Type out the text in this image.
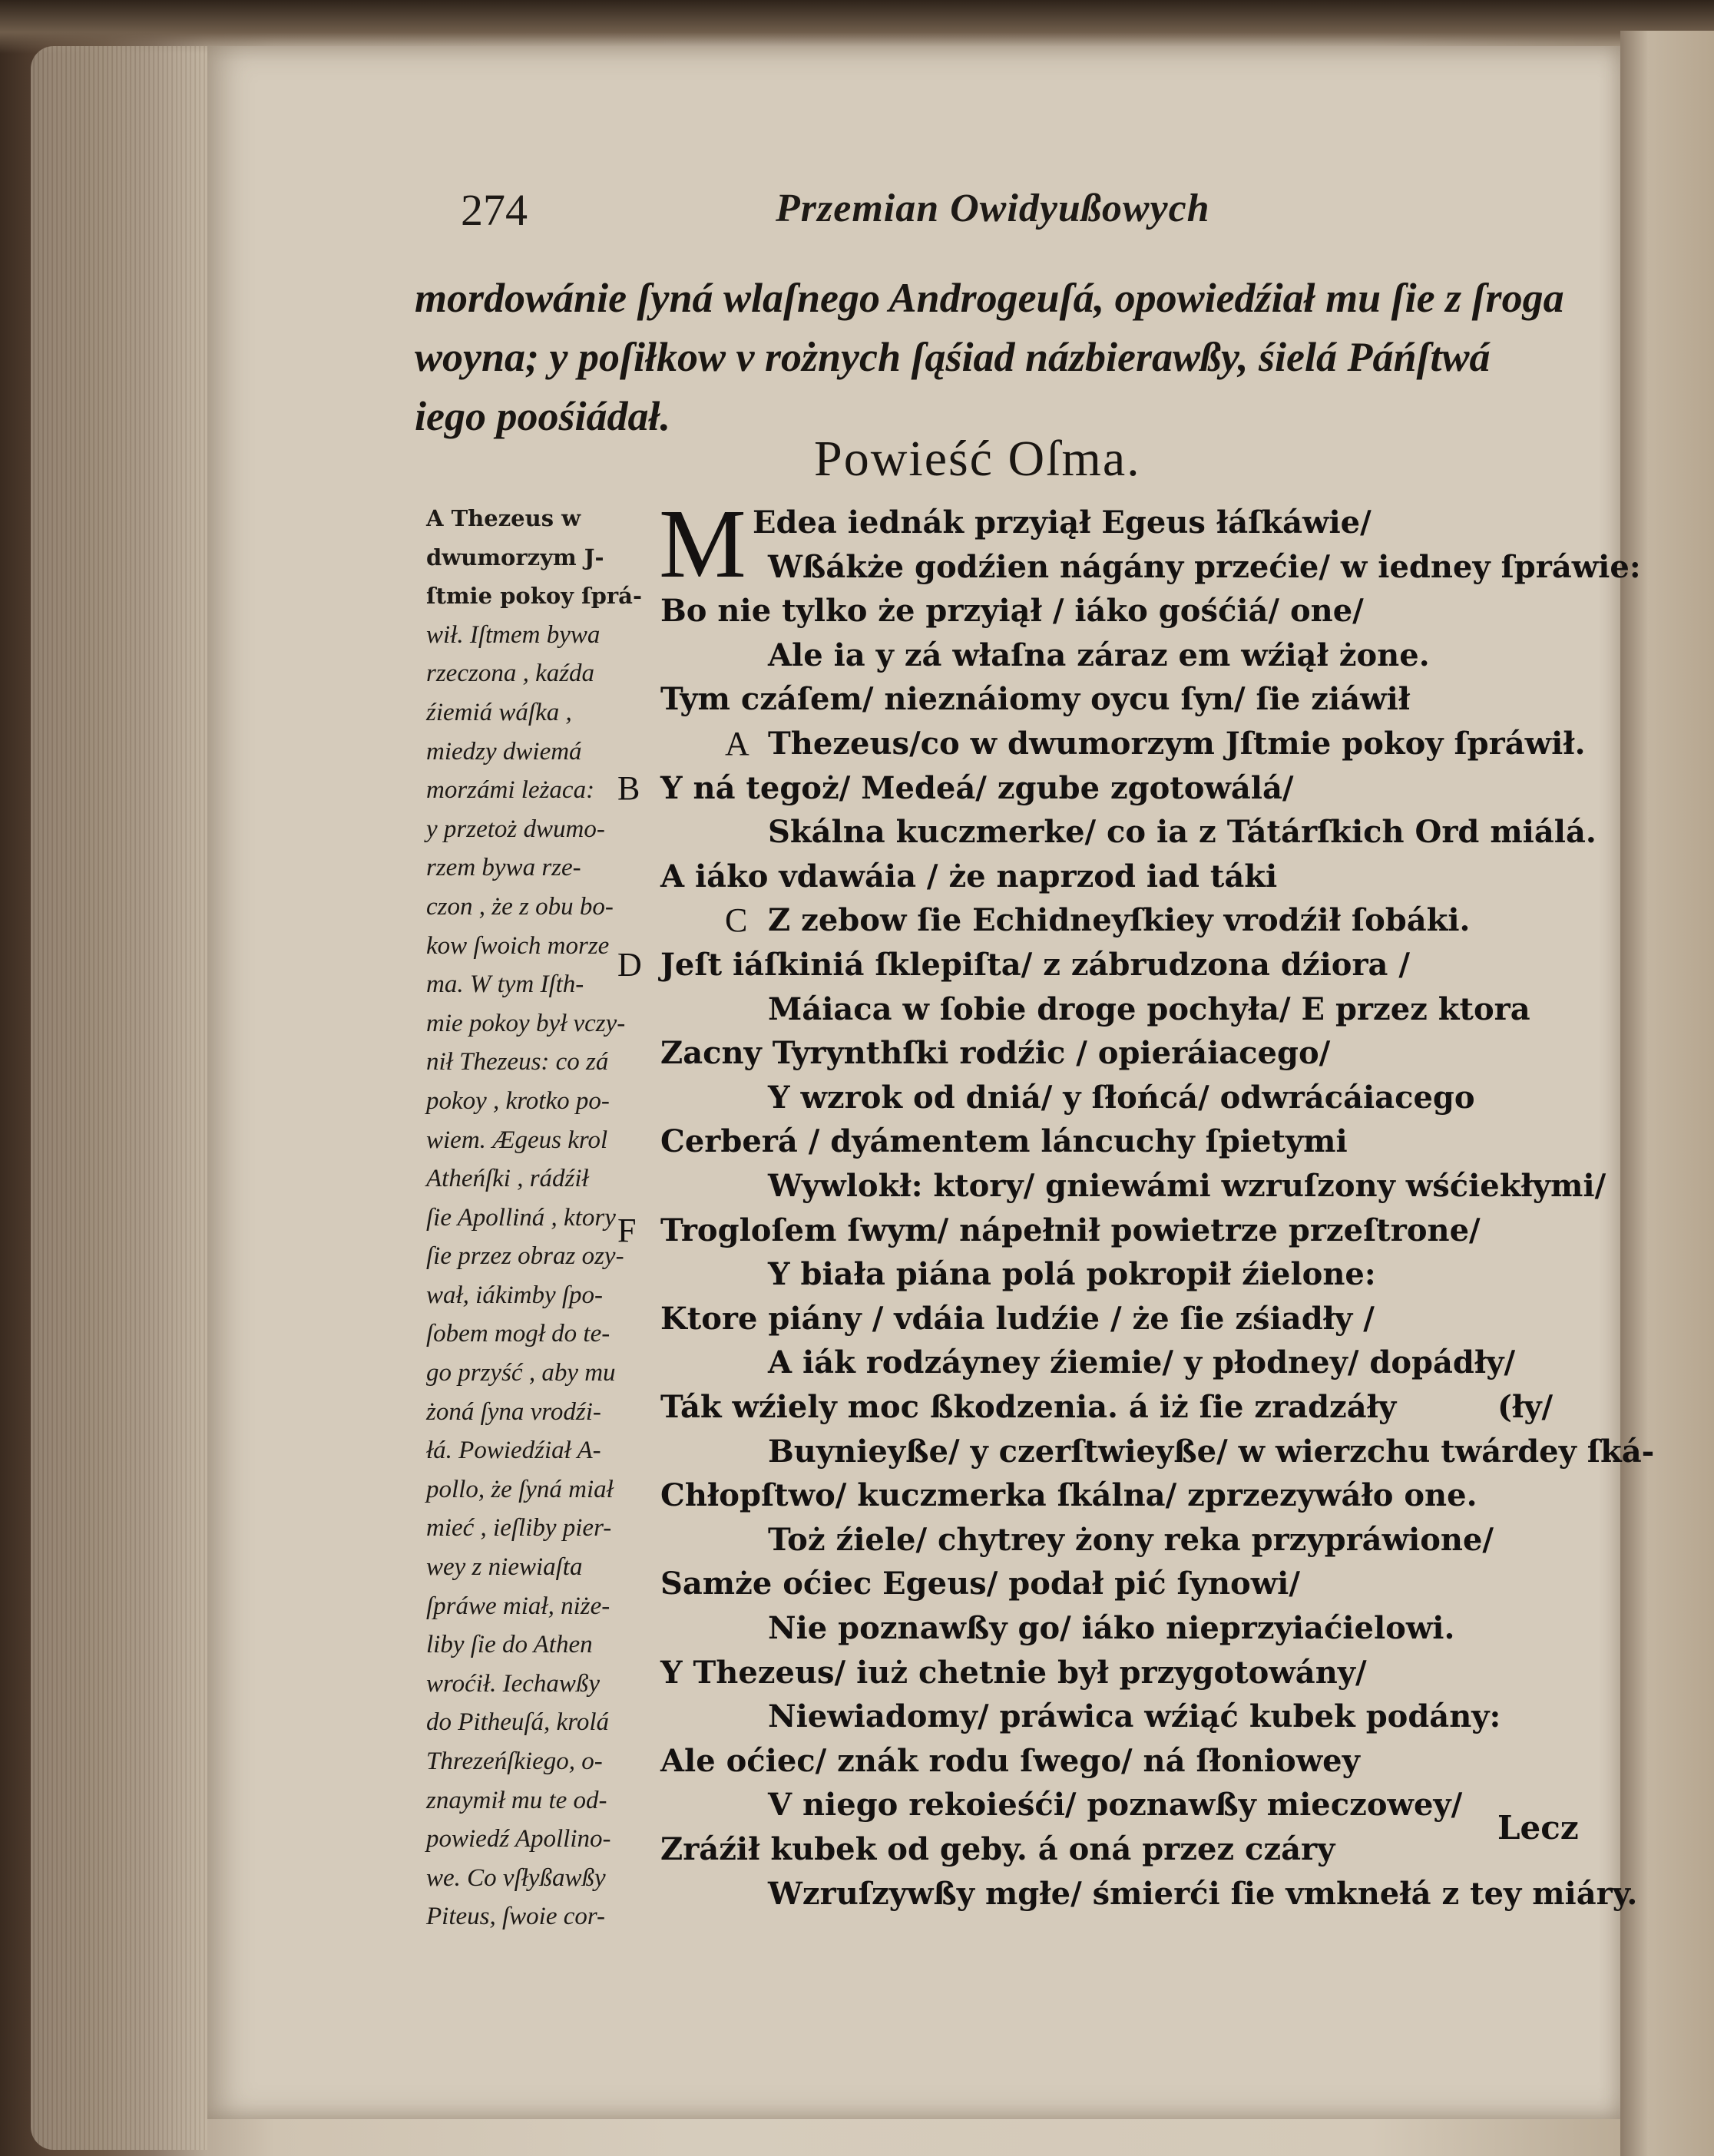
274	Przemian Owidyußowych
mordowánie ſyná wlaſnego Androgeuſá, opowiedźiał mu ſie z ſroga
woyna; y poſiłkow v rożnych ſąśiad názbierawßy, śielá Páńſtwá
iego poośiádał.
Powieść Oſma.
A Thezeus w
dwumorzym J-
ſtmie pokoy ſprá-
wił. Iſtmem bywa
rzeczona , kaźda
źiemiá wáſka ,
miedzy dwiemá
morzámi leżaca:
y przetoż dwumo-
rzem bywa rze-
czon , że z obu bo-
kow ſwoich morze
ma. W tym Iſth-
mie pokoy był vczy-
nił Thezeus: co zá
pokoy , krotko po-
wiem. Ægeus krol
Atheńſki , rádźił
ſie Apolliná , ktory
ſie przez obraz ozy-
wał, iákimby ſpo-
ſobem mogł do te-
go przyść , aby mu
żoná ſyna vrodźi-
łá. Powiedźiał A-
pollo, że ſyná miał
mieć , ieſliby pier-
wey z niewiaſta
ſpráwe miał, niże-
liby ſie do Athen
wroćił. Iechawßy
do Pitheuſá, krolá
Threzeńſkiego, o-
znaymił mu te od-
powiedź Apollino-
we. Co vſłyßawßy
Piteus, ſwoie cor-
M Edea iednák przyiął Egeus łáſkáwie/
Wßákże godźien nágány przećie/ w iedney ſpráwie:
Bo nie tylko że przyiął / iáko gośćiá/ one/
Ale ia y zá właſna záraz em wźiął żone.
Tym czáſem/ nieznáiomy oycu ſyn/ ſie ziáwił
Thezeus/co w dwumorzym Jſtmie pokoy ſpráwił.
A
Y ná tegoż/ Medeá/ zgube zgotowálá/
B
Skálna kuczmerke/ co ia z Tátárſkich Ord miálá.
A iáko vdawáia / że naprzod iad táki
Z zebow ſie Echidneyſkiey vrodźił ſobáki.
C
Jeſt iáſkiniá ſklepiſta/ z zábrudzona dźiora /
D
Máiaca w ſobie droge pochyła/ E przez ktora
Zacny Tyrynthſki rodźic / opieráiacego/
Y wzrok od dniá/ y ſłońcá/ odwrácáiacego
Cerberá / dyámentem láncuchy ſpietymi
Wywlokł: ktory/ gniewámi wzruſzony wśćiekłymi/
Trogloſem ſwym/ nápełnił powietrze przeſtrone/
F
Y biała piána polá pokropił źielone:
Ktore piány / vdáia ludźie / że ſie zśiadły /
A iák rodzáyney źiemie/ y płodney/ dopádły/
Ták wźiely moc ßkodzenia. á iż ſie zradzáły	(ły/
Buynieyße/ y czerſtwieyße/ w wierzchu twárdey ſká-
Chłopſtwo/ kuczmerka ſkálna/ zprzezywáło one.
Toż źiele/ chytrey żony reka przypráwione/
Samże oćiec Egeus/ podał pić ſynowi/
Nie poznawßy go/ iáko nieprzyiaćielowi.
Y Thezeus/ iuż chetnie był przygotowány/
Niewiadomy/ práwica wźiąć kubek podány:
Ale oćiec/ znák rodu ſwego/ ná ſłoniowey
V niego rekoieśći/ poznawßy mieczowey/
Zráźił kubek od geby. á oná przez czáry
Wzruſzywßy mgłe/ śmierći ſie vmknełá z tey miáry.
Lecz
